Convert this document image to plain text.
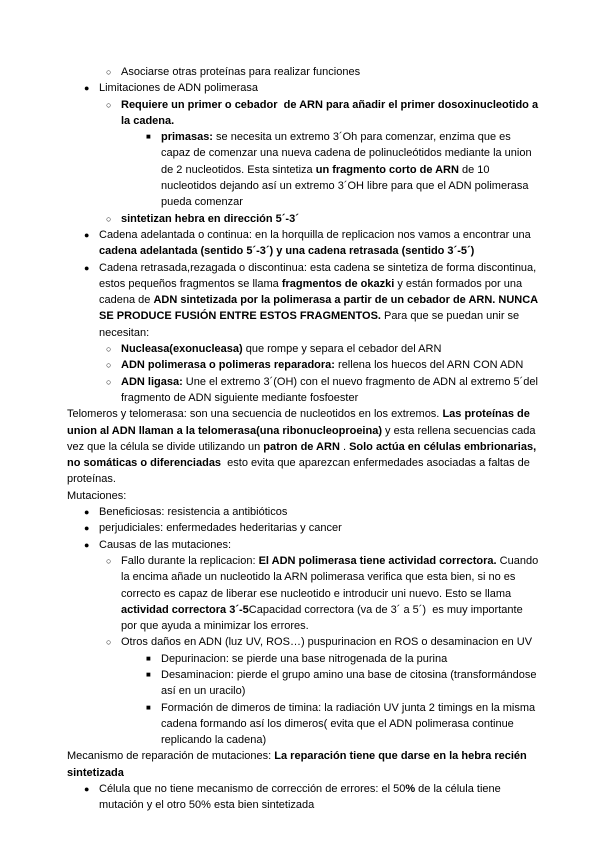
○ Asociarse otras proteínas para realizar funciones
● Limitaciones de ADN polimerasa
○ Requiere un primer o cebador  de ARN para añadir el primer dosoxinucleotido a la cadena.
■ primasas: se necesita un extremo 3´Oh para comenzar, enzima que es capaz de comenzar una nueva cadena de polinucleótidos mediante la union de 2 nucleotidos. Esta sintetiza un fragmento corto de ARN de 10 nucleotidos dejando así un extremo 3´OH libre para que el ADN polimerasa pueda comenzar
○ sintetizan hebra en dirección 5´-3´
● Cadena adelantada o continua: en la horquilla de replicacion nos vamos a encontrar una cadena adelantada (sentido 5´-3´) y una cadena retrasada (sentido 3´-5´)
● Cadena retrasada,rezagada o discontinua: esta cadena se sintetiza de forma discontinua, estos pequeños fragmentos se llama fragmentos de okazki y están formados por una cadena de ADN sintetizada por la polimerasa a partir de un cebador de ARN. NUNCA SE PRODUCE FUSIÓN ENTRE ESTOS FRAGMENTOS. Para que se puedan unir se necesitan:
○ Nucleasa(exonucleasa) que rompe y separa el cebador del ARN
○ ADN polimerasa o polimeras reparadora: rellena los huecos del ARN CON ADN
○ ADN ligasa: Une el extremo 3´(OH) con el nuevo fragmento de ADN al extremo 5´del fragmento de ADN siguiente mediante fosfoester
Telomeros y telomerasa: son una secuencia de nucleotidos en los extremos. Las proteínas de union al ADN llaman a la telomerasa(una ribonucleoproeina) y esta rellena secuencias cada vez que la célula se divide utilizando un patron de ARN . Solo actúa en células embrionarias, no somáticas o diferenciadas  esto evita que aparezcan enfermedades asociadas a faltas de proteínas.
Mutaciones:
● Beneficiosas: resistencia a antibióticos
● perjudiciales: enfermedades hederitarias y cancer
● Causas de las mutaciones:
○ Fallo durante la replicacion: El ADN polimerasa tiene actividad correctora. Cuando la encima añade un nucleotido la ARN polimerasa verifica que esta bien, si no es correcto es capaz de liberar ese nucleotido e introducir uni nuevo. Esto se llama actividad correctora 3´-5Capacidad correctora (va de 3´ a 5´)  es muy importante por que ayuda a minimizar los errores.
○ Otros daños en ADN (luz UV, ROS…) puspurinacion en ROS o desaminacion en UV
■ Depurinacion: se pierde una base nitrogenada de la purina
■ Desaminacion: pierde el grupo amino una base de citosina (transformándose así en un uracilo)
■ Formación de dimeros de timina: la radiación UV junta 2 timings en la misma cadena formando así los dimeros( evita que el ADN polimerasa continue replicando la cadena)
Mecanismo de reparación de mutaciones: La reparación tiene que darse en la hebra recién sintetizada
● Célula que no tiene mecanismo de corrección de errores: el 50% de la célula tiene mutación y el otro 50% esta bien sintetizada
